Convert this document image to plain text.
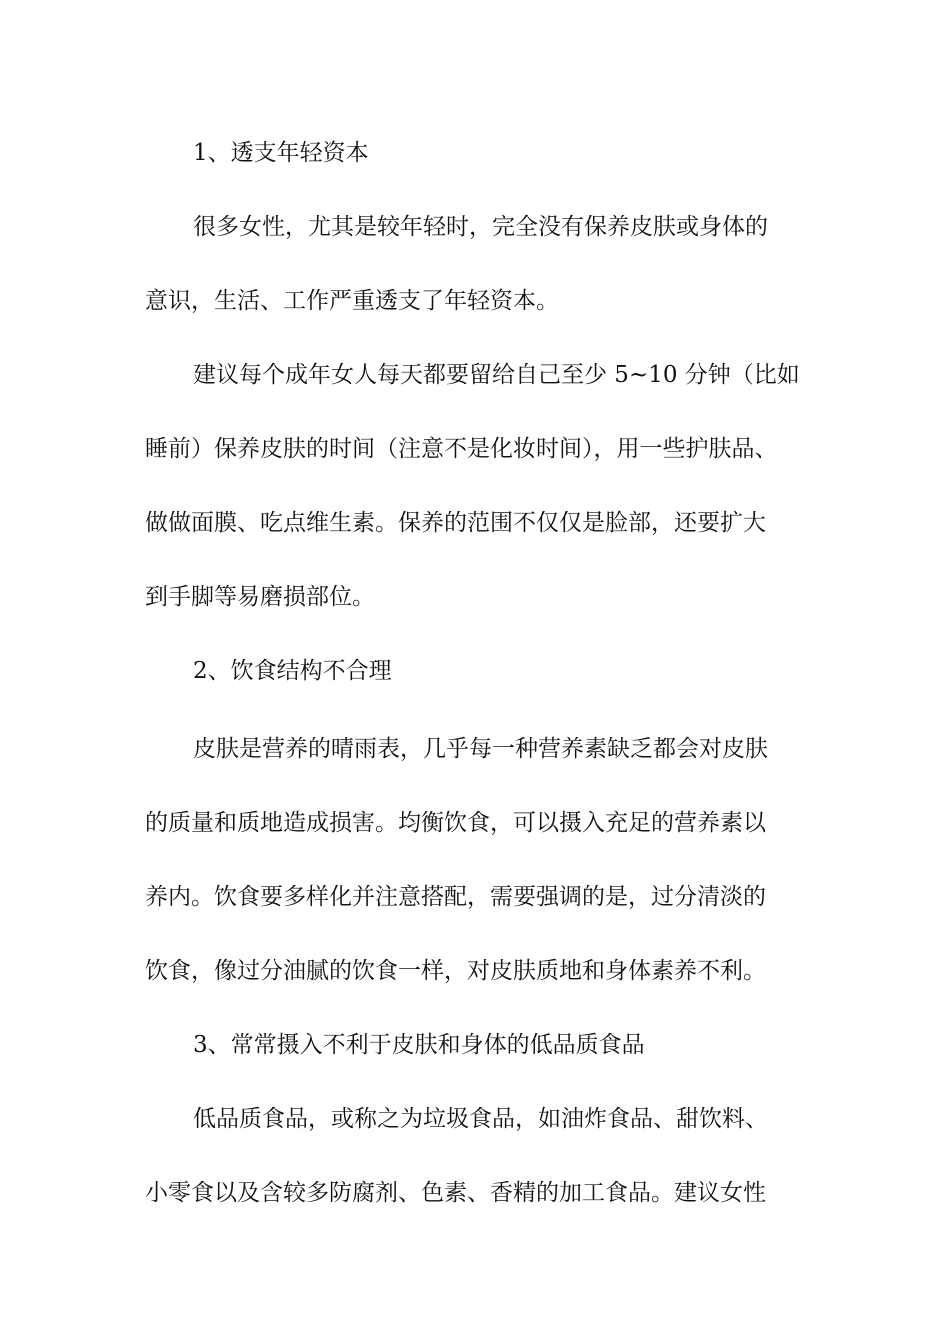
1、透支年轻资本
很多女性，尤其是较年轻时，完全没有保养皮肤或身体的
意识，生活、工作严重透支了年轻资本。
建议每个成年女人每天都要留给自己至少 5~10 分钟（比如
睡前）保养皮肤的时间（注意不是化妆时间），用一些护肤品、
做做面膜、吃点维生素。保养的范围不仅仅是脸部，还要扩大
到手脚等易磨损部位。
2、饮食结构不合理
皮肤是营养的晴雨表，几乎每一种营养素缺乏都会对皮肤
的质量和质地造成损害。均衡饮食，可以摄入充足的营养素以
养内。饮食要多样化并注意搭配，需要强调的是，过分清淡的
饮食，像过分油腻的饮食一样，对皮肤质地和身体素养不利。
3、常常摄入不利于皮肤和身体的低品质食品
低品质食品，或称之为垃圾食品，如油炸食品、甜饮料、
小零食以及含较多防腐剂、色素、香精的加工食品。建议女性
